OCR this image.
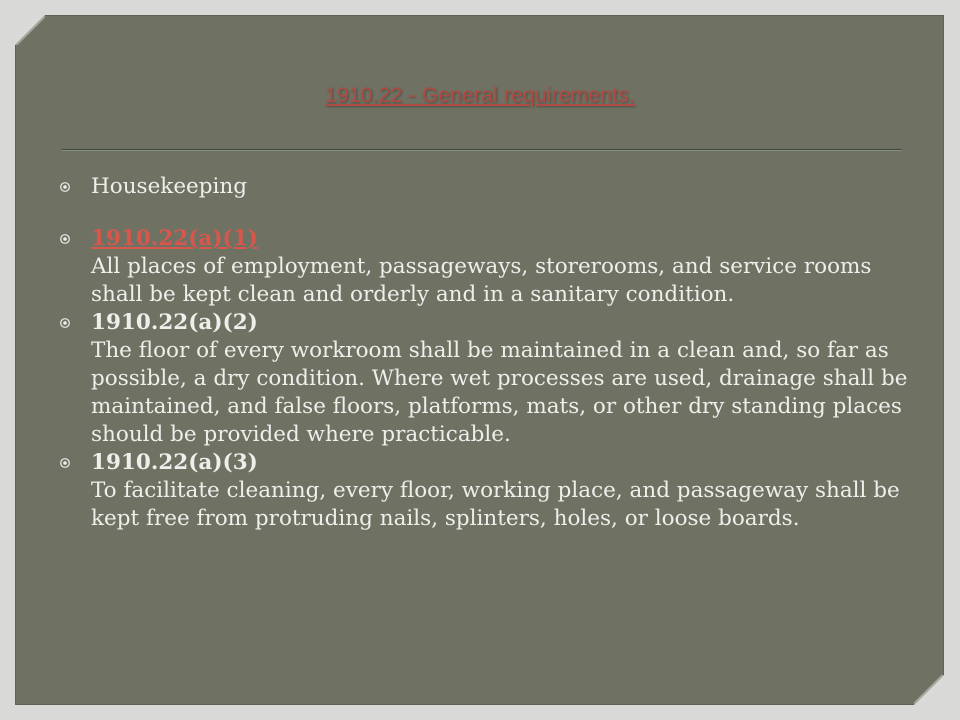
1910.22 - General requirements.
Housekeeping
1910.22(a)(1)
All places of employment, passageways, storerooms, and service rooms shall be kept clean and orderly and in a sanitary condition.
1910.22(a)(2)
The floor of every workroom shall be maintained in a clean and, so far as possible, a dry condition. Where wet processes are used, drainage shall be maintained, and false floors, platforms, mats, or other dry standing places should be provided where practicable.
1910.22(a)(3)
To facilitate cleaning, every floor, working place, and passageway shall be kept free from protruding nails, splinters, holes, or loose boards.
